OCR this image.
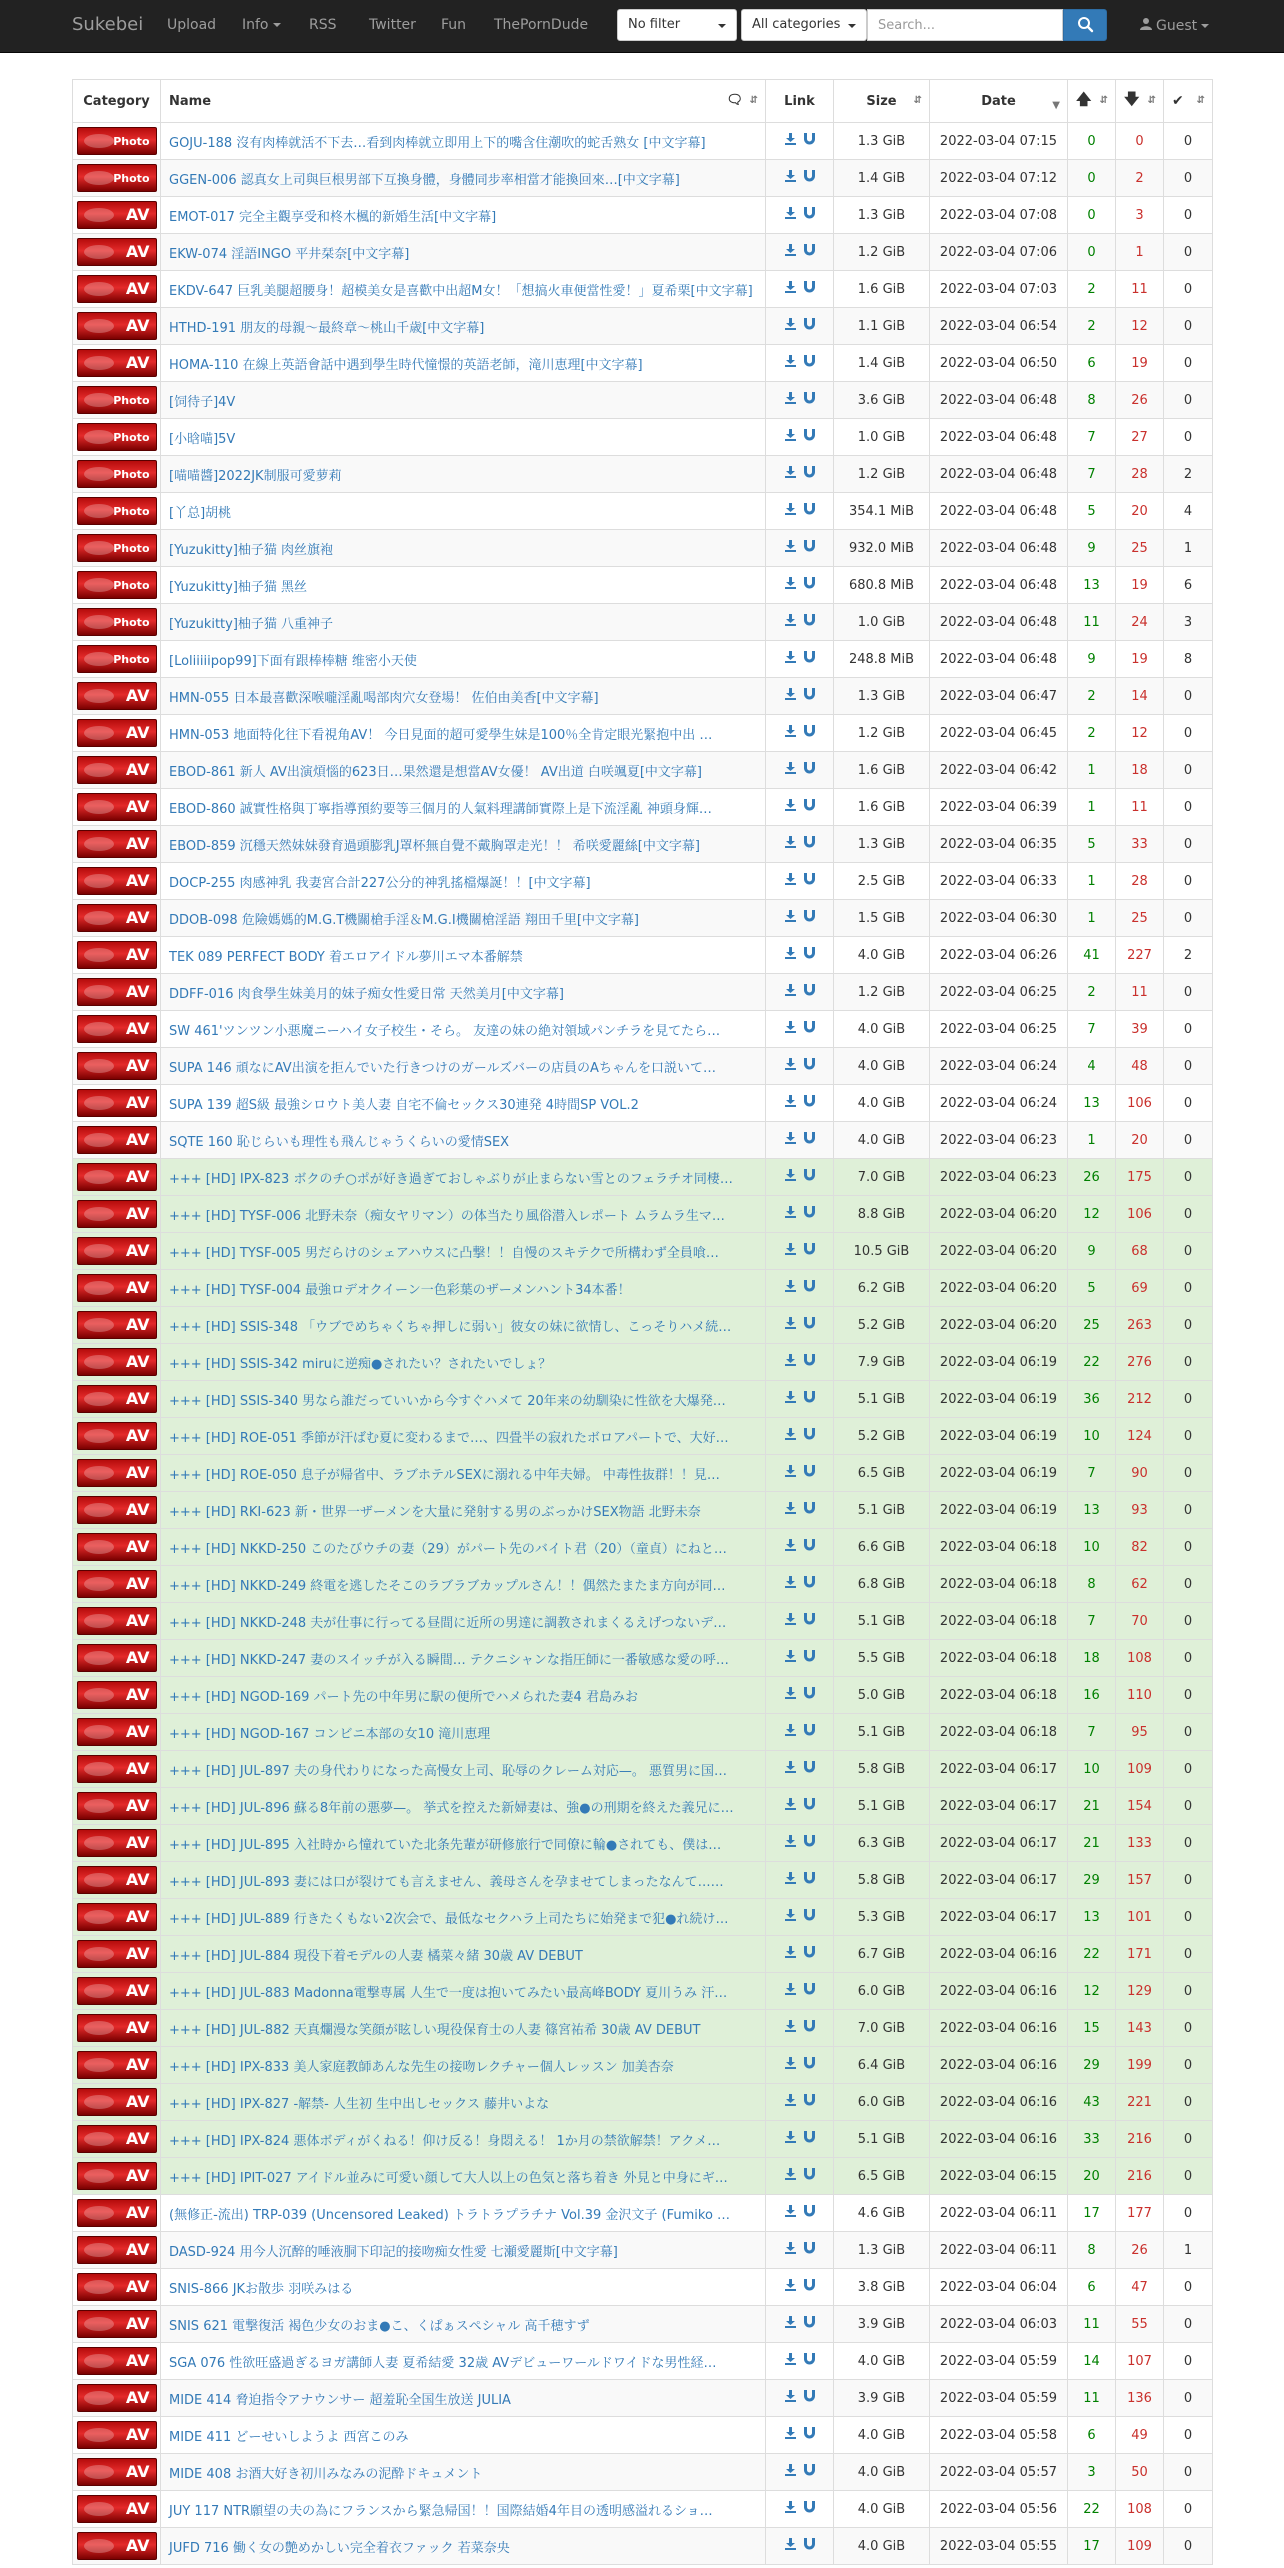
Sukebei Upload Info	RSS Twitter Fun ThePornDude	No filter	All categories
Search...	Guest
Category	Name 🗨 ⇵	Link	Size ⇵	Date ▼	🡅 ⇵	🡇 ⇵	✔ ⇵

Photo	GOJU-188 沒有肉棒就活不下去…看到肉棒就立即用上下的嘴含住潮吹的蛇舌熟女 [中文字幕]		1.3 GiB	2022-03-04 07:15	0	0	0

Photo	GGEN-006 認真女上司與巨根男部下互換身體，身體同步率相當才能換回來…[中文字幕]		1.4 GiB	2022-03-04 07:12	0	2	0

AV	EMOT-017 完全主觀享受和柊木楓的新婚生活[中文字幕]		1.3 GiB	2022-03-04 07:08	0	3	0

AV	EKW-074 淫語INGO 平井栞奈[中文字幕]		1.2 GiB	2022-03-04 07:06	0	1	0

AV	EKDV-647 巨乳美腿超腰身！超模美女是喜歡中出超M女！「想搞火車便當性愛！」夏希栗[中文字幕]		1.6 GiB	2022-03-04 07:03	2	11	0

AV	HTHD-191 朋友的母親～最終章～桃山千歳[中文字幕]		1.1 GiB	2022-03-04 06:54	2	12	0

AV	HOMA-110 在線上英語會話中遇到學生時代憧憬的英語老師，滝川恵理[中文字幕]		1.4 GiB	2022-03-04 06:50	6	19	0

Photo	[饲待子]4V		3.6 GiB	2022-03-04 06:48	8	26	0

Photo	[小晗喵]5V		1.0 GiB	2022-03-04 06:48	7	27	0

Photo	[喵喵醬]2022JK制服可愛萝莉		1.2 GiB	2022-03-04 06:48	7	28	2

Photo	[丫总]胡桃		354.1 MiB	2022-03-04 06:48	5	20	4

Photo	[Yuzukitty]柚子猫 肉丝旗袍		932.0 MiB	2022-03-04 06:48	9	25	1

Photo	[Yuzukitty]柚子猫 黑丝		680.8 MiB	2022-03-04 06:48	13	19	6

Photo	[Yuzukitty]柚子猫 八重神子		1.0 GiB	2022-03-04 06:48	11	24	3

Photo	[Loliiiiipop99]下面有跟棒棒糖 维密小天使		248.8 MiB	2022-03-04 06:48	9	19	8

AV	HMN-055 日本最喜歡深喉嚨淫亂喝部肉穴女登場！ 佐伯由美香[中文字幕]		1.3 GiB	2022-03-04 06:47	2	14	0

AV	HMN-053 地面特化往下看視角AV！ 今日見面的超可愛學生妹是100％全肯定眼光緊抱中出 …		1.2 GiB	2022-03-04 06:45	2	12	0

AV	EBOD-861 新人 AV出演煩惱的623日…果然還是想當AV女優！ AV出道 白咲颯夏[中文字幕]		1.6 GiB	2022-03-04 06:42	1	18	0

AV	EBOD-860 誠實性格與丁寧指導預約要等三個月的人氣料理講師實際上是下流淫亂 神頭身輝…		1.6 GiB	2022-03-04 06:39	1	11	0

AV	EBOD-859 沉穩天然妹妹發育過頭膨乳J罩杯無自覺不戴胸罩走光！！ 希咲愛麗絲[中文字幕]		1.3 GiB	2022-03-04 06:35	5	33	0

AV	DOCP-255 肉感神乳 我妻宮合計227公分的神乳搖檔爆誕！！[中文字幕]		2.5 GiB	2022-03-04 06:33	1	28	0

AV	DDOB-098 危險媽媽的M.G.T機關槍手淫＆M.G.I機關槍淫語 翔田千里[中文字幕]		1.5 GiB	2022-03-04 06:30	1	25	0

AV	TEK 089 PERFECT BODY 着エロアイドル夢川エマ本番解禁		4.0 GiB	2022-03-04 06:26	41	227	2

AV	DDFF-016 肉食學生妹美月的妹子痴女性愛日常 天然美月[中文字幕]		1.2 GiB	2022-03-04 06:25	2	11	0

AV	SW 461'ツンツン小悪魔ニーハイ女子校生・そら。 友達の妹の絶対領域パンチラを見てたら…		4.0 GiB	2022-03-04 06:25	7	39	0

AV	SUPA 146 頑なにAV出演を拒んでいた行きつけのガールズバーの店員のAちゃんを口説いて…		4.0 GiB	2022-03-04 06:24	4	48	0

AV	SUPA 139 超S級 最強シロウト美人妻 自宅不倫セックス30連発 4時間SP VOL.2		4.0 GiB	2022-03-04 06:24	13	106	0

AV	SQTE 160 恥じらいも理性も飛んじゃうくらいの愛情SEX		4.0 GiB	2022-03-04 06:23	1	20	0

AV	+++ [HD] IPX-823 ボクのチ○ポが好き過ぎておしゃぶりが止まらない雪とのフェラチオ同棲…		7.0 GiB	2022-03-04 06:23	26	175	0

AV	+++ [HD] TYSF-006 北野未奈（痴女ヤリマン）の体当たり風俗潜入レポート ムラムラ生マ…		8.8 GiB	2022-03-04 06:20	12	106	0

AV	+++ [HD] TYSF-005 男だらけのシェアハウスに凸撃！！自慢のスキテクで所構わず全員喰…		10.5 GiB	2022-03-04 06:20	9	68	0

AV	+++ [HD] TYSF-004 最強ロデオクイーン一色彩葉のザーメンハント34本番！		6.2 GiB	2022-03-04 06:20	5	69	0

AV	+++ [HD] SSIS-348 「ウブでめちゃくちゃ押しに弱い」彼女の妹に欲情し、こっそりハメ続…		5.2 GiB	2022-03-04 06:20	25	263	0

AV	+++ [HD] SSIS-342 miruに逆痴●されたい？されたいでしょ？		7.9 GiB	2022-03-04 06:19	22	276	0

AV	+++ [HD] SSIS-340 男なら誰だっていいから今すぐハメて 20年来の幼馴染に性欲を大爆発…		5.1 GiB	2022-03-04 06:19	36	212	0

AV	+++ [HD] ROE-051 季節が汗ばむ夏に変わるまで…、四畳半の寂れたボロアパートで、大好…		5.2 GiB	2022-03-04 06:19	10	124	0

AV	+++ [HD] ROE-050 息子が帰省中、ラブホテルSEXに溺れる中年夫婦。 中毒性抜群！！見…		6.5 GiB	2022-03-04 06:19	7	90	0

AV	+++ [HD] RKI-623 新・世界一ザーメンを大量に発射する男のぶっかけSEX物語 北野未奈		5.1 GiB	2022-03-04 06:19	13	93	0

AV	+++ [HD] NKKD-250 このたびウチの妻（29）がパート先のバイト君（20）（童貞）にねと…		6.6 GiB	2022-03-04 06:18	10	82	0

AV	+++ [HD] NKKD-249 終電を逃したそこのラブラブカップルさん！！偶然たまたま方向が同…		6.8 GiB	2022-03-04 06:18	8	62	0

AV	+++ [HD] NKKD-248 夫が仕事に行ってる昼間に近所の男達に調教されまくるえげつないデ…		5.1 GiB	2022-03-04 06:18	7	70	0

AV	+++ [HD] NKKD-247 妻のスイッチが入る瞬間… テクニシャンな指圧師に一番敏感な愛の呼…		5.5 GiB	2022-03-04 06:18	18	108	0

AV	+++ [HD] NGOD-169 パート先の中年男に駅の便所でハメられた妻4 君島みお		5.0 GiB	2022-03-04 06:18	16	110	0

AV	+++ [HD] NGOD-167 コンビニ本部の女10 滝川恵理		5.1 GiB	2022-03-04 06:18	7	95	0

AV	+++ [HD] JUL-897 夫の身代わりになった高慢女上司、恥辱のクレーム対応—。 悪質男に国…		5.8 GiB	2022-03-04 06:17	10	109	0

AV	+++ [HD] JUL-896 蘇る8年前の悪夢—。 挙式を控えた新婦妻は、強●の刑期を終えた義兄に…		5.1 GiB	2022-03-04 06:17	21	154	0

AV	+++ [HD] JUL-895 入社時から憧れていた北条先輩が研修旅行で同僚に輪●されても、僕は…		6.3 GiB	2022-03-04 06:17	21	133	0

AV	+++ [HD] JUL-893 妻には口が裂けても言えません、義母さんを孕ませてしまったなんて……		5.8 GiB	2022-03-04 06:17	29	157	0

AV	+++ [HD] JUL-889 行きたくもない2次会で、最低なセクハラ上司たちに始発まで犯●れ続け…		5.3 GiB	2022-03-04 06:17	13	101	0

AV	+++ [HD] JUL-884 現役下着モデルの人妻 橘菜々緒 30歳 AV DEBUT		6.7 GiB	2022-03-04 06:16	22	171	0

AV	+++ [HD] JUL-883 Madonna電撃専属 人生で一度は抱いてみたい最高峰BODY 夏川うみ 汗…		6.0 GiB	2022-03-04 06:16	12	129	0

AV	+++ [HD] JUL-882 天真爛漫な笑顔が眩しい現役保育士の人妻 篠宮祐希 30歳 AV DEBUT		7.0 GiB	2022-03-04 06:16	15	143	0

AV	+++ [HD] IPX-833 美人家庭教師あんな先生の接吻レクチャー個人レッスン 加美杏奈		6.4 GiB	2022-03-04 06:16	29	199	0

AV	+++ [HD] IPX-827 -解禁- 人生初 生中出しセックス 藤井いよな		6.0 GiB	2022-03-04 06:16	43	221	0

AV	+++ [HD] IPX-824 悪体ボディがくねる！仰け反る！身悶える！ 1か月の禁欲解禁！アクメ…		5.1 GiB	2022-03-04 06:16	33	216	0

AV	+++ [HD] IPIT-027 アイドル並みに可愛い顔して大人以上の色気と落ち着き 外見と中身にギ…		6.5 GiB	2022-03-04 06:15	20	216	0

AV	(無修正-流出) TRP-039 (Uncensored Leaked) トラトラプラチナ Vol.39 金沢文子 (Fumiko …		4.6 GiB	2022-03-04 06:11	17	177	0

AV	DASD-924 用今人沉醉的唾液胴下印記的接吻痴女性愛 七瀬愛麗斯[中文字幕]		1.3 GiB	2022-03-04 06:11	8	26	1

AV	SNIS-866 JKお散歩 羽咲みはる		3.8 GiB	2022-03-04 06:04	6	47	0

AV	SNIS 621 電撃復活 褐色少女のおま●こ、くぱぁスペシャル 高千穂すず		3.9 GiB	2022-03-04 06:03	11	55	0

AV	SGA 076 性欲旺盛過ぎるヨガ講師人妻 夏希結愛 32歳 AVデビューワールドワイドな男性経…		4.0 GiB	2022-03-04 05:59	14	107	0

AV	MIDE 414 脅迫指令アナウンサー 超羞恥全国生放送 JULIA		3.9 GiB	2022-03-04 05:59	11	136	0

AV	MIDE 411 どーせいしようよ 西宮このみ		4.0 GiB	2022-03-04 05:58	6	49	0

AV	MIDE 408 お酒大好き初川みなみの泥酔ドキュメント		4.0 GiB	2022-03-04 05:57	3	50	0

AV	JUY 117 NTR願望の夫の為にフランスから緊急帰国！！国際結婚4年目の透明感溢れるショ…		4.0 GiB	2022-03-04 05:56	22	108	0

AV	JUFD 716 働く女の艶めかしい完全着衣ファック 若菜奈央		4.0 GiB	2022-03-04 05:55	17	109	0
